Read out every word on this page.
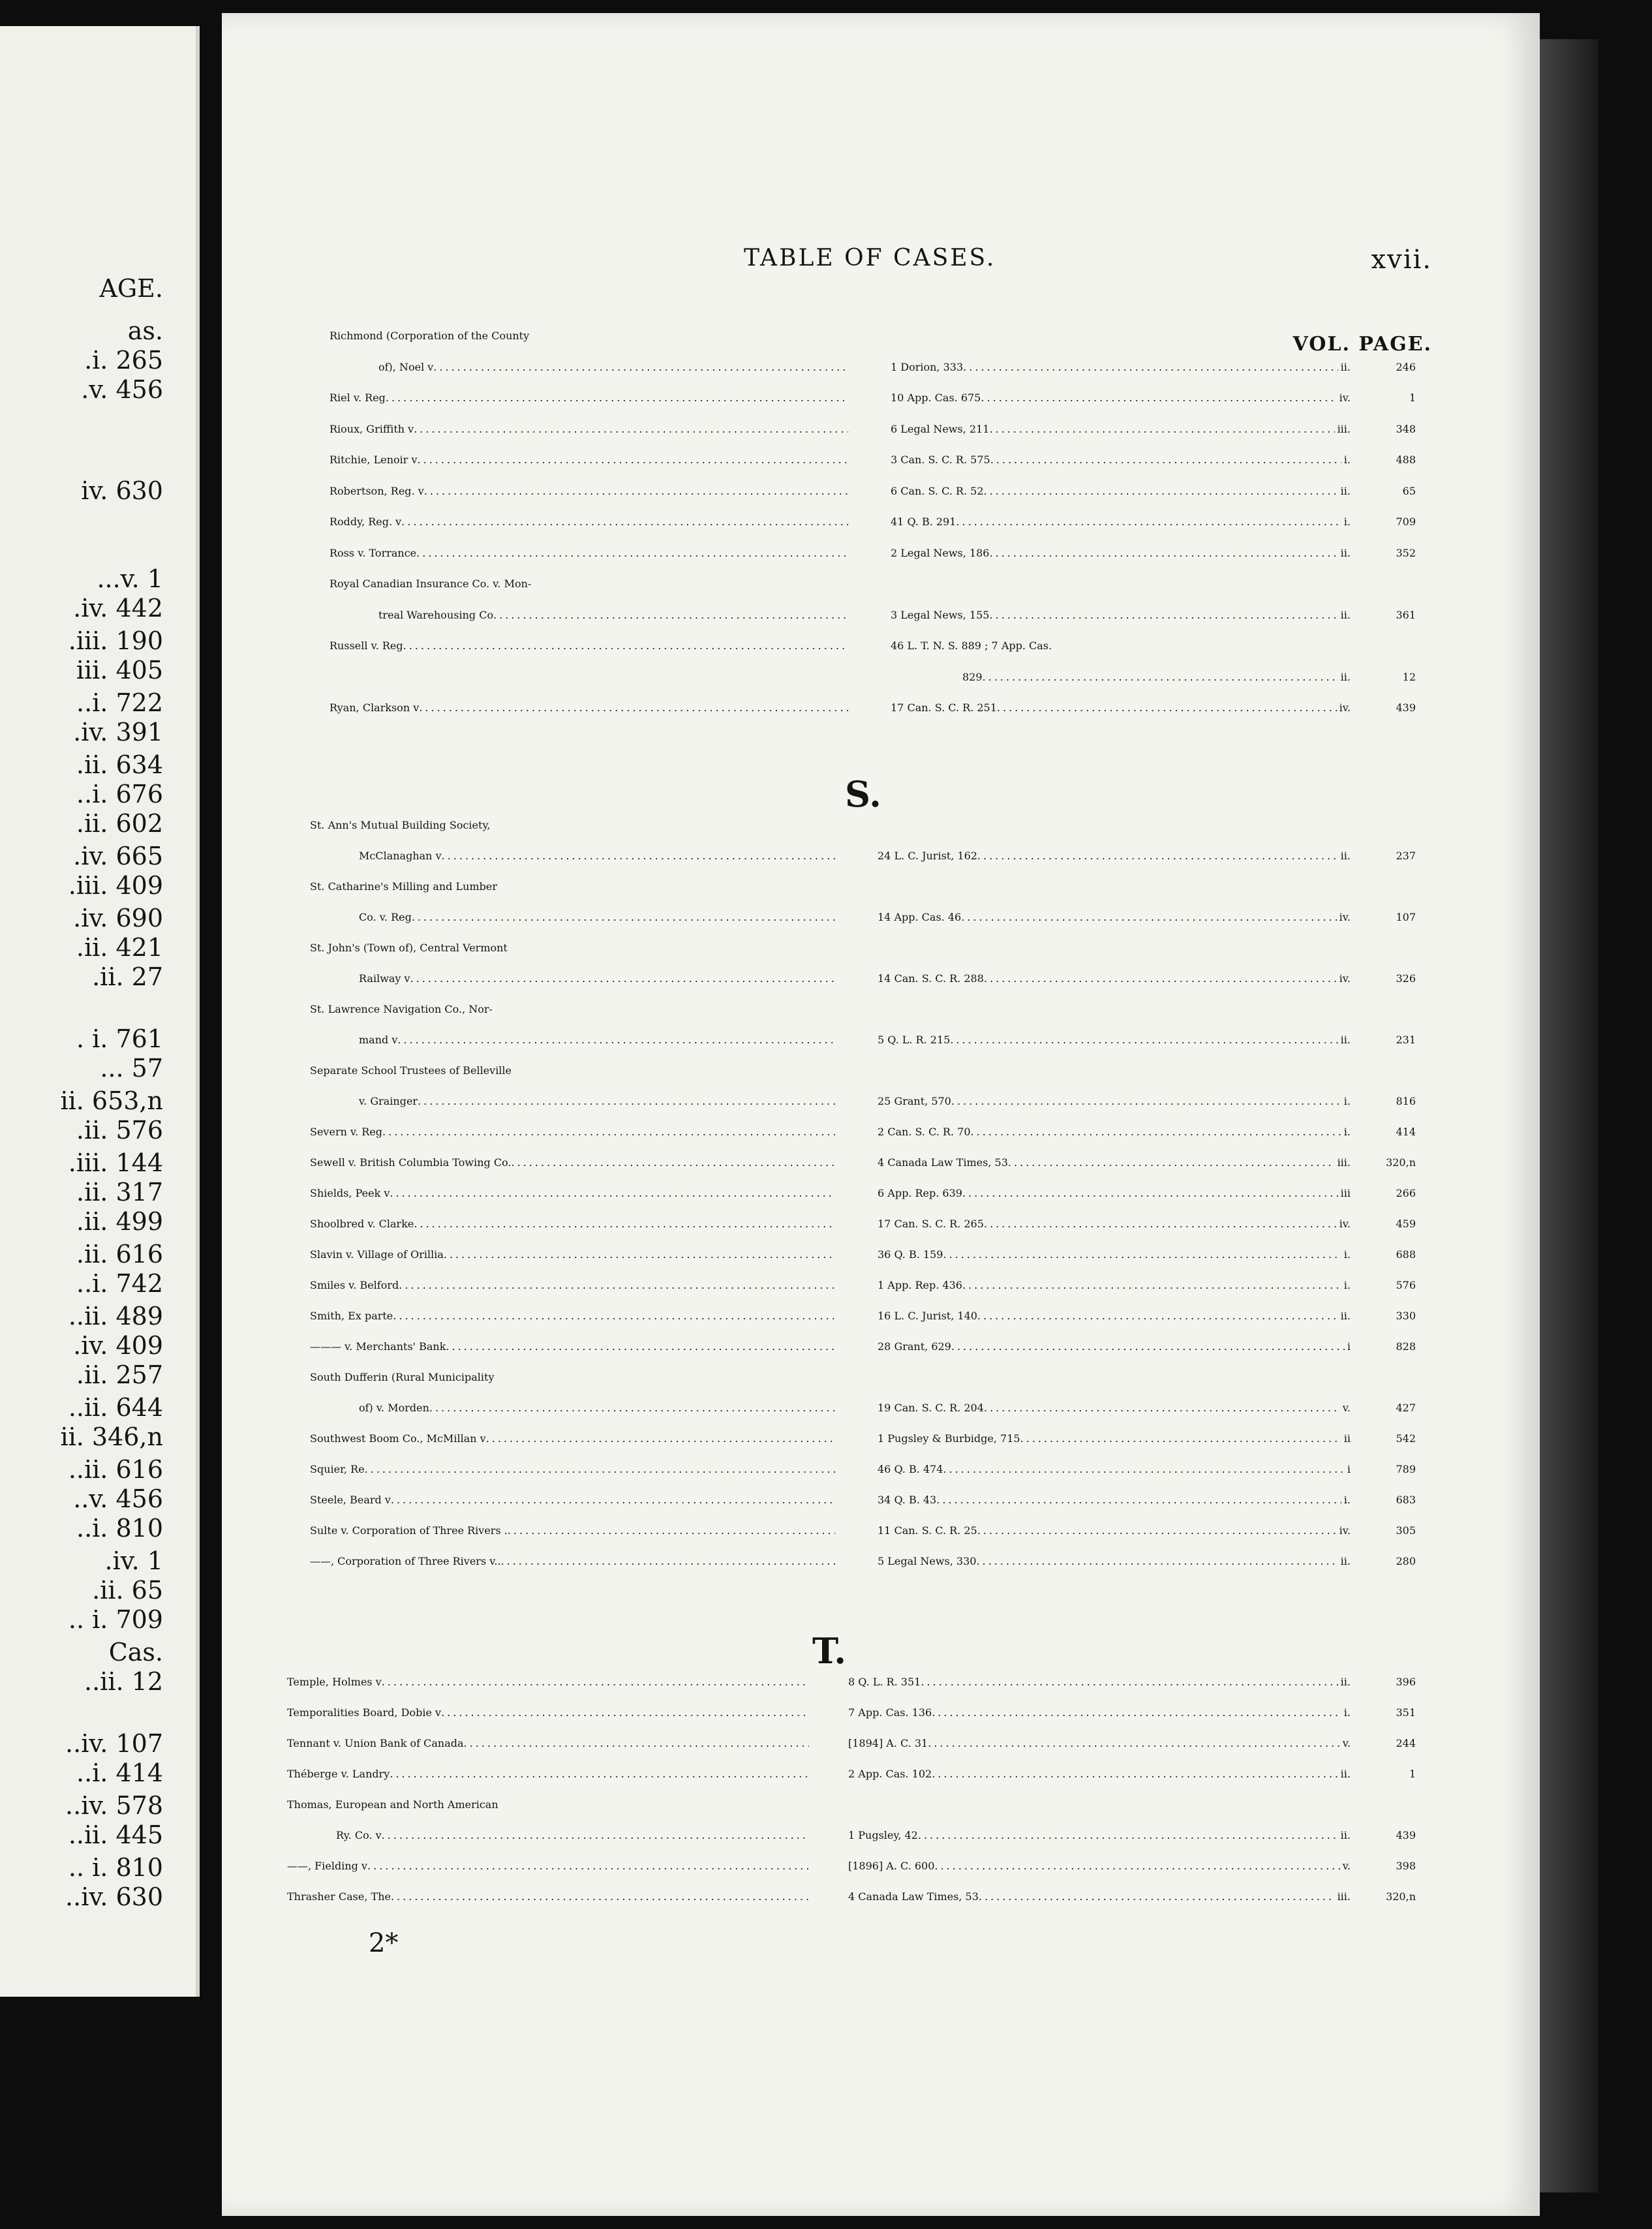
AGE.
as.
.i. 265
.v. 456
iv. 630
...v. 1
.iv. 442
.iii. 190
iii. 405
..i. 722
.iv. 391
.ii. 634
..i. 676
.ii. 602
.iv. 665
.iii. 409
.iv. 690
.ii. 421
.ii. 27
. i. 761
... 57
ii. 653,n
.ii. 576
.iii. 144
.ii. 317
.ii. 499
.ii. 616
..i. 742
..ii. 489
.iv. 409
.ii. 257
..ii. 644
ii. 346,n
..ii. 616
..v. 456
..i. 810
.iv. 1
.ii. 65
.. i. 709
Cas.
..ii. 12
..iv. 107
..i. 414
..iv. 578
..ii. 445
.. i. 810
..iv. 630
TABLE OF CASES.	xvii.
VOL. PAGE.
S.
T.
Richmond (Corporation of the County
of), Noel v .....	1 Dorion, 333 .....	ii.	246
Riel v. Reg .....	10 App. Cas. 675 .....	iv.	1
Rioux, Griffith v .....	6 Legal News, 211 .....	iii.	348
Ritchie, Lenoir v .....	3 Can. S. C. R. 575 .....	i.	488
Robertson, Reg. v .....	6 Can. S. C. R. 52 .....	ii.	65
Roddy, Reg. v .....	41 Q. B. 291 .....	i.	709
Ross v. Torrance .....	2 Legal News, 186 .....	ii.	352
Royal Canadian Insurance Co. v. Mon-
treal Warehousing Co .....	3 Legal News, 155 .....	ii.	361
Russell v. Reg .....	46 L. T. N. S. 889 ; 7 App. Cas.
829 .....	ii.	12
Ryan, Clarkson v .....	17 Can. S. C. R. 251 .....	iv.	439
St. Ann's Mutual Building Society,
McClanaghan v .....	24 L. C. Jurist, 162 .....	ii.	237
St. Catharine's Milling and Lumber
Co. v. Reg .....	14 App. Cas. 46 .....	iv.	107
St. John's (Town of), Central Vermont
Railway v .....	14 Can. S. C. R. 288 .....	iv.	326
St. Lawrence Navigation Co., Nor-
mand v .....	5 Q. L. R. 215 .....	ii.	231
Separate School Trustees of Belleville
v. Grainger .....	25 Grant, 570 .....	i.	816
Severn v. Reg .....	2 Can. S. C. R. 70 .....	i.	414
Sewell v. British Columbia Towing Co. .....	4 Canada Law Times, 53 .....	iii.	320,n
Shields, Peek v .....	6 App. Rep. 639 .....	iii	266
Shoolbred v. Clarke .....	17 Can. S. C. R. 265 .....	iv.	459
Slavin v. Village of Orillia .....	36 Q. B. 159 .....	i.	688
Smiles v. Belford .....	1 App. Rep. 436 .....	i.	576
Smith, Ex parte .....	16 L. C. Jurist, 140 .....	ii.	330
——— v. Merchants' Bank .....	28 Grant, 629 .....	i	828
South Dufferin (Rural Municipality
of) v. Morden .....	19 Can. S. C. R. 204 .....	v.	427
Southwest Boom Co., McMillan v .....	1 Pugsley & Burbidge, 715 .....	ii	542
Squier, Re .....	46 Q. B. 474 .....	i	789
Steele, Beard v .....	34 Q. B. 43 .....	i.	683
Sulte v. Corporation of Three Rivers . .....	11 Can. S. C. R. 25 .....	iv.	305
——, Corporation of Three Rivers v.. .....	5 Legal News, 330 .....	ii.	280
Temple, Holmes v .....	8 Q. L. R. 351 .....	ii.	396
Temporalities Board, Dobie v .....	7 App. Cas. 136 .....	i.	351
Tennant v. Union Bank of Canada .....	[1894] A. C. 31 .....	v.	244
Théberge v. Landry .....	2 App. Cas. 102 .....	ii.	1
Thomas, European and North American
Ry. Co. v .....	1 Pugsley, 42 .....	ii.	439
——, Fielding v .....	[1896] A. C. 600 .....	v.	398
Thrasher Case, The .....	4 Canada Law Times, 53 .....	iii.	320,n
2*
